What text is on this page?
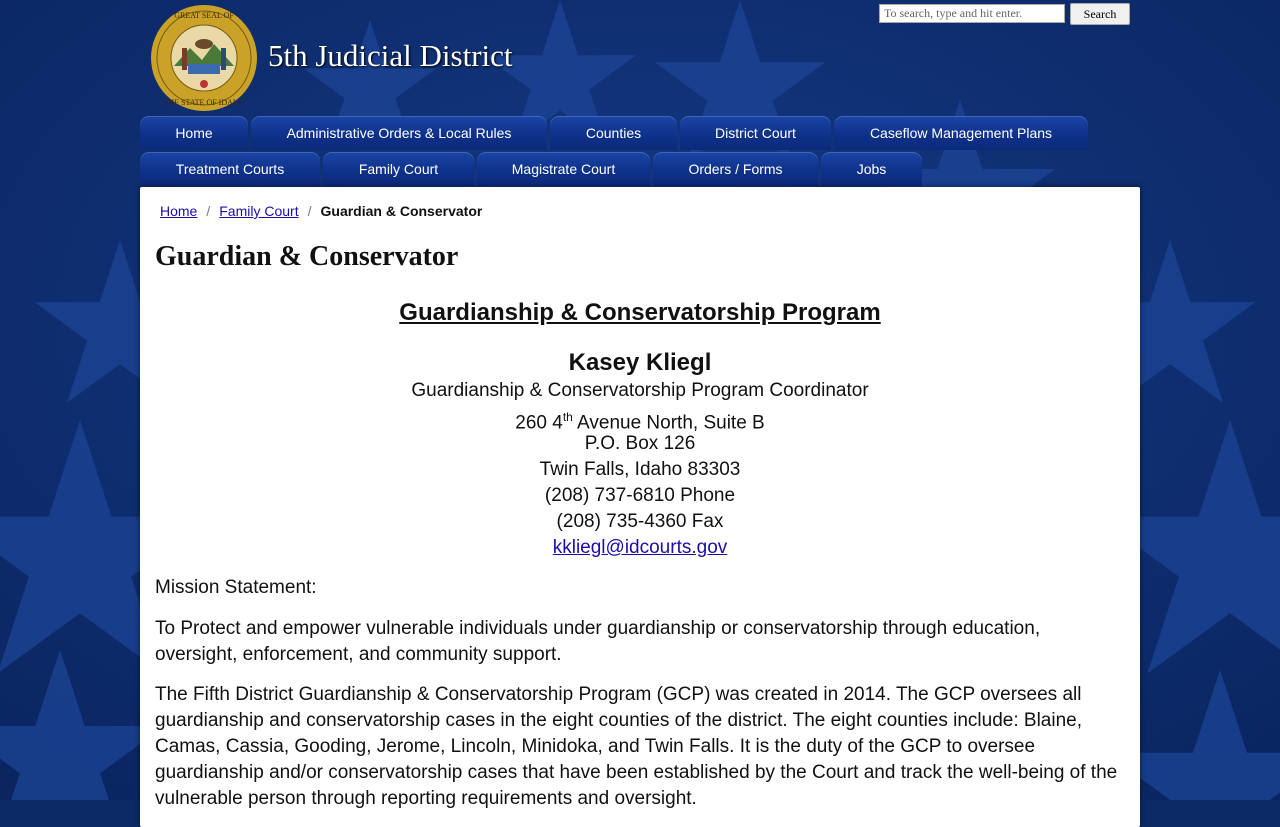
GREAT SEAL OF
THE STATE OF IDAHO
5th Judicial District
To search, type and hit enter.
Search
Home	Administrative Orders & Local Rules	Counties	District Court	Caseflow Management Plans
Treatment Courts	Family Court	Magistrate Court	Orders / Forms	Jobs
Home / Family Court / Guardian & Conservator
Guardian & Conservator
Guardianship & Conservatorship Program
Kasey Kliegl
Guardianship & Conservatorship Program Coordinator
260 4th Avenue North, Suite B
P.O. Box 126
Twin Falls, Idaho 83303
(208) 737-6810 Phone
(208) 735-4360 Fax
kkliegl@idcourts.gov

Mission Statement:

To Protect and empower vulnerable individuals under guardianship or conservatorship through education, oversight, enforcement, and community support.

The Fifth District Guardianship & Conservatorship Program (GCP) was created in 2014. The GCP oversees all guardianship and conservatorship cases in the eight counties of the district. The eight counties include: Blaine, Camas, Cassia, Gooding, Jerome, Lincoln, Minidoka, and Twin Falls. It is the duty of the GCP to oversee guardianship and/or conservatorship cases that have been established by the Court and track the well-being of the vulnerable person through reporting requirements and oversight.
